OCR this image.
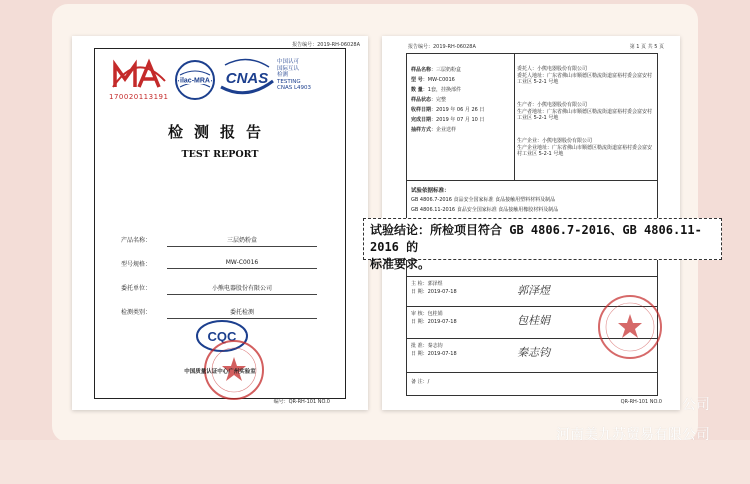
报告编号：2019-RH-06028A
170020113191
ilac-MRA CNAS
中国认可
国际互认
检测
TESTING
CNAS L4903
检测报告
TEST REPORT
产品名称：	三层奶粉盒
型号规格：	MW-C0016
委托单位：	小熊电器股份有限公司
检测类别：	委托检测
CQC
中国质量认证中心广州实验室
编号：QR-RH-101 NO.0
报告编号：2019-RH-06028A	第 1 页 共 5 页
样品名称：三层奶粉盒
型 号：MW-C0016
数 量：1套，挂换部件
样品状态：完整
收样日期：2019 年 06 月 26 日
完成日期：2019 年 07 月 10 日
抽样方式：企业送样
委托人：小熊电器股份有限公司
委托人地址：广东省佛山市顺德区勒流街道富裕村委会富安村工业区 5-2-1 号地
生产者：小熊电器股份有限公司
生产者地址：广东省佛山市顺德区勒流街道富裕村委会富安村工业区 5-2-1 号地
生产企业：小熊电器股份有限公司
生产企业地址：广东省佛山市顺德区勒流街道富裕村委会富安村工业区 5-2-1 号地
试验依据标准：
GB 4806.7-2016 食品安全国家标准 食品接触用塑料材料及制品
GB 4806.11-2016 食品安全国家标准 食品接触用橡胶材料及制品
主 检：郭泽煜
日 期：2019-07-18	郭泽煜
审 核：包桂娟
日 期：2019-07-18	包桂娟
批 准：秦志钧
日 期：2019-07-18	秦志钧
备 注：/
QR-RH-101 NO.0
试验结论：所检项目符合 GB 4806.7-2016、GB 4806.11-2016 的
标准要求。
公司
河南美九苏贸易有限公司
